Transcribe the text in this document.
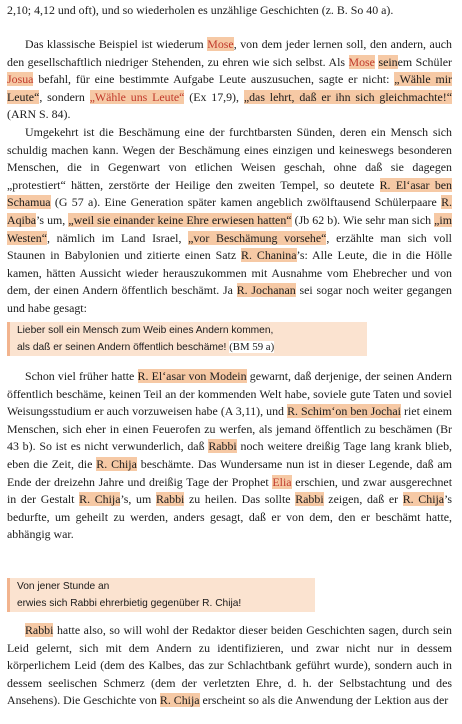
2,10; 4,12 und oft), und so wiederholen es unzählige Geschichten (z. B. So 40 a).

Das klassische Beispiel ist wiederum Mose, von dem jeder lernen soll, den andern, auch den gesellschaftlich niedriger Stehenden, zu ehren wie sich selbst. Als Mose seinem Schüler Josua befahl, für eine bestimmte Aufgabe Leute auszusuchen, sagte er nicht: „Wähle mir Leute“, sondern „Wähle uns Leute“ (Ex 17,9), „das lehrt, daß er ihn sich gleichmachte!“ (ARN S. 84).

Umgekehrt ist die Beschämung eine der furchtbarsten Sünden, deren ein Mensch sich schuldig machen kann. Wegen der Beschämung eines einzigen und keineswegs besonderen Menschen, die in Gegenwart von etlichen Weisen geschah, ohne daß sie dagegen „protestiert“ hätten, zerstörte der Heilige den zweiten Tempel, so deutete R. El‘asar ben Schamua (G 57 a). Eine Generation später kamen angeblich zwölftausend Schülerpaare R. Aqiba’s um, „weil sie einander keine Ehre erwiesen hatten“ (Jb 62 b). Wie sehr man sich „im Westen“, nämlich im Land Israel, „vor Beschämung vorsehe“, erzählte man sich voll Staunen in Babylonien und zitierte einen Satz R. Chanina’s: Alle Leute, die in die Hölle kamen, hätten Aussicht wieder herauszukommen mit Ausnahme vom Ehebrecher und von dem, der einen Andern öffentlich beschämt. Ja R. Jochanan sei sogar noch weiter gegangen und habe gesagt:

Lieber soll ein Mensch zum Weib eines Andern kommen,
als daß er seinen Andern öffentlich beschäme! (BM 59 a)

Schon viel früher hatte R. El‘asar von Modein gewarnt, daß derjenige, der seinen Andern öffentlich beschäme, keinen Teil an der kommenden Welt habe, soviele gute Taten und soviel Weisungsstudium er auch vorzuweisen habe (A 3,11), und R. Schim‘on ben Jochai riet einem Menschen, sich eher in einen Feuerofen zu werfen, als jemand öffentlich zu beschämen (Br 43 b). So ist es nicht verwunderlich, daß Rabbi noch weitere dreißig Tage lang krank blieb, eben die Zeit, die R. Chija beschämte. Das Wundersame nun ist in dieser Legende, daß am Ende der dreizehn Jahre und dreißig Tage der Prophet Elia erschien, und zwar ausgerechnet in der Gestalt R. Chija’s, um Rabbi zu heilen. Das sollte Rabbi zeigen, daß er R. Chija’s bedurfte, um geheilt zu werden, anders gesagt, daß er von dem, den er beschämt hatte, abhängig war.

Von jener Stunde an
erwies sich Rabbi ehrerbietig gegenüber R. Chija!

Rabbi hatte also, so will wohl der Redaktor dieser beiden Geschichten sagen, durch sein Leid gelernt, sich mit dem Andern zu identifizieren, und zwar nicht nur in dessem körperlichem Leid (dem des Kalbes, das zur Schlachtbank geführt wurde), sondern auch in dessem seelischen Schmerz (dem der verletzten Ehre, d. h. der Selbstachtung und des Ansehens). Die Geschichte von R. Chija erscheint so als die Anwendung der Lektion aus der
